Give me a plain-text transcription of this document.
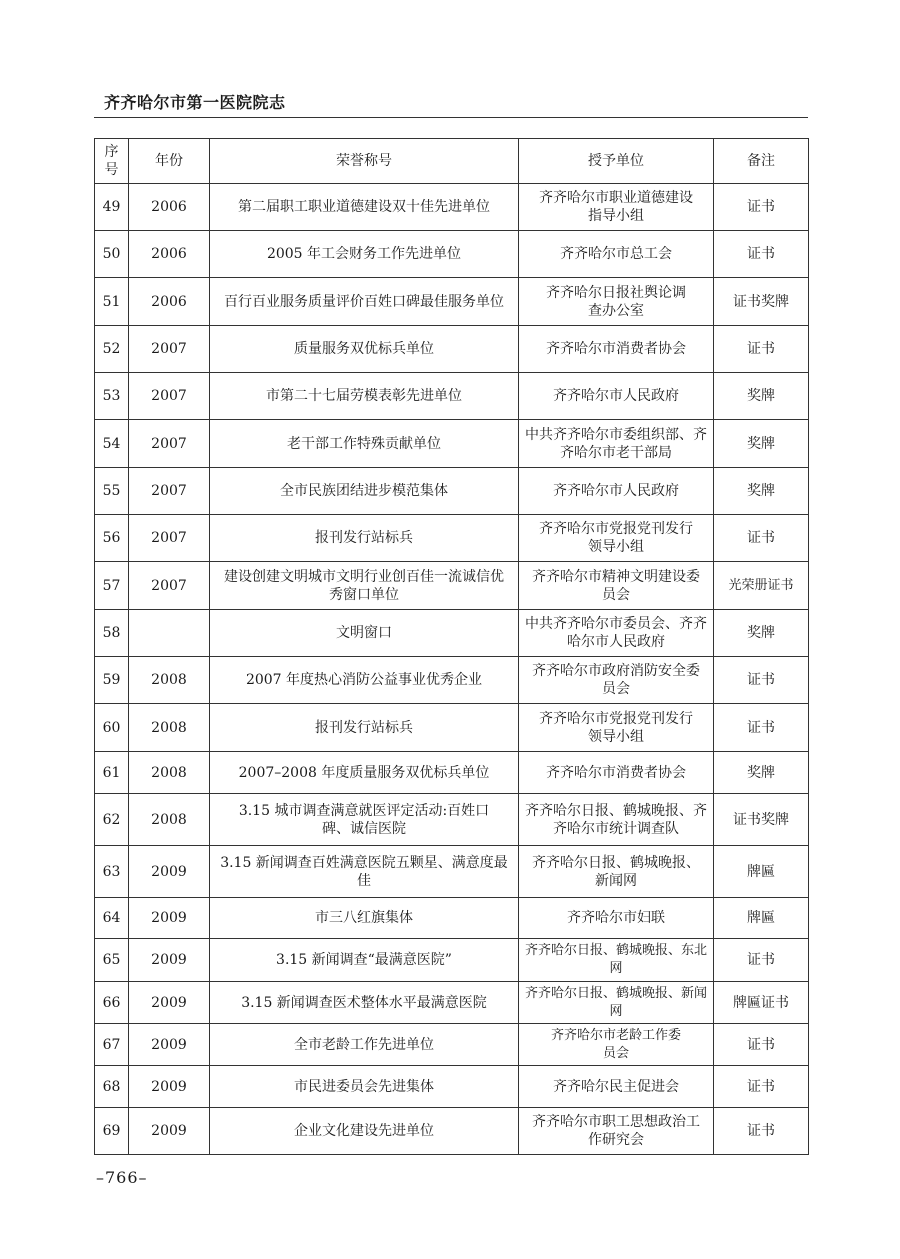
齐齐哈尔市第一医院院志
序号	年份	荣誉称号	授予单位	备注
49	2006	第二届职工职业道德建设双十佳先进单位	齐齐哈尔市职业道德建设指导小组	证书
50	2006	2005 年工会财务工作先进单位	齐齐哈尔市总工会	证书
51	2006	百行百业服务质量评价百姓口碑最佳服务单位	齐齐哈尔日报社舆论调查办公室	证书奖牌
52	2007	质量服务双优标兵单位	齐齐哈尔市消费者协会	证书
53	2007	市第二十七届劳模表彰先进单位	齐齐哈尔市人民政府	奖牌
54	2007	老干部工作特殊贡献单位	中共齐齐哈尔市委组织部、齐齐哈尔市老干部局	奖牌
55	2007	全市民族团结进步模范集体	齐齐哈尔市人民政府	奖牌
56	2007	报刊发行站标兵	齐齐哈尔市党报党刊发行领导小组	证书
57	2007	建设创建文明城市文明行业创百佳一流诚信优秀窗口单位	齐齐哈尔市精神文明建设委员会	光荣册证书
58		文明窗口	中共齐齐哈尔市委员会、齐齐哈尔市人民政府	奖牌
59	2008	2007 年度热心消防公益事业优秀企业	齐齐哈尔市政府消防安全委员会	证书
60	2008	报刊发行站标兵	齐齐哈尔市党报党刊发行领导小组	证书
61	2008	2007–2008 年度质量服务双优标兵单位	齐齐哈尔市消费者协会	奖牌
62	2008	3.15 城市调查满意就医评定活动:百姓口碑、诚信医院	齐齐哈尔日报、鹤城晚报、齐齐哈尔市统计调查队	证书奖牌
63	2009	3.15 新闻调查百姓满意医院五颗星、满意度最佳	齐齐哈尔日报、鹤城晚报、新闻网	牌匾
64	2009	市三八红旗集体	齐齐哈尔市妇联	牌匾
65	2009	3.15 新闻调查“最满意医院”	齐齐哈尔日报、鹤城晚报、东北网	证书
66	2009	3.15 新闻调查医术整体水平最满意医院	齐齐哈尔日报、鹤城晚报、新闻网	牌匾证书
67	2009	全市老龄工作先进单位	齐齐哈尔市老龄工作委员会	证书
68	2009	市民进委员会先进集体	齐齐哈尔民主促进会	证书
69	2009	企业文化建设先进单位	齐齐哈尔市职工思想政治工作研究会	证书
–766–
